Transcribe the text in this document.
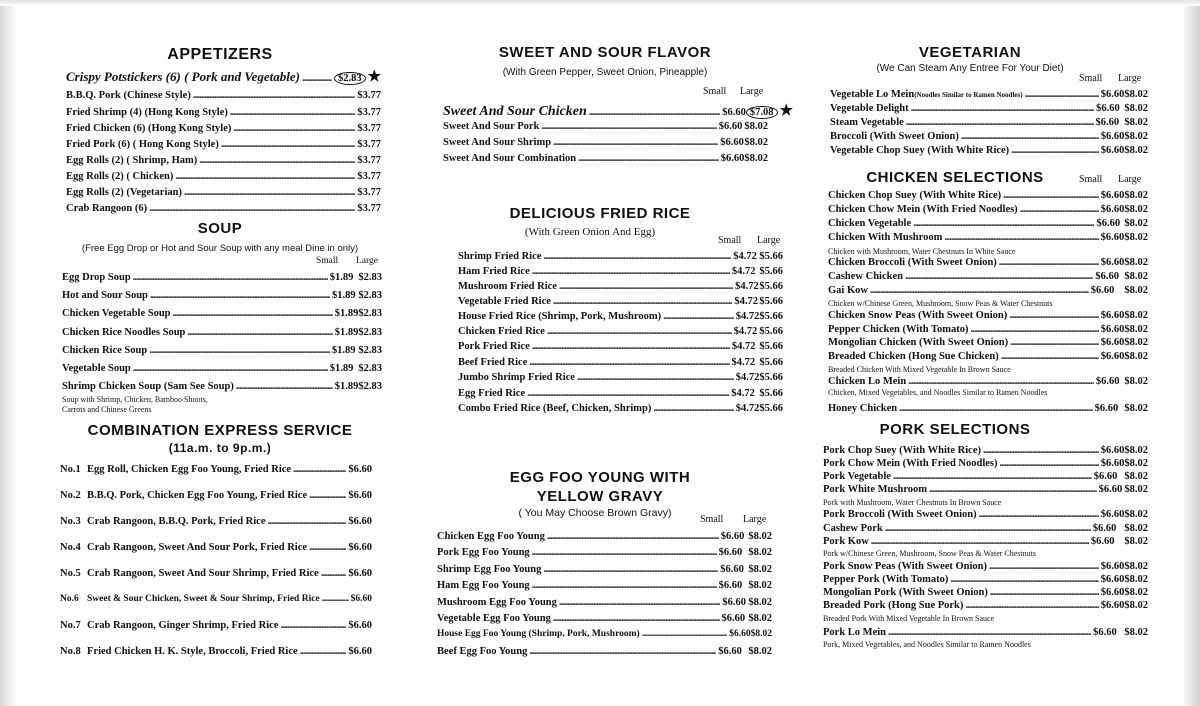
APPETIZERS
Crispy Potstickers (6) ( Pork and Vegetable) .....	$2.83 ★
B.B.Q. Pork (Chinese Style) .....	$3.77
Fried Shrimp (4) (Hong Kong Style) .....	$3.77
Fried Chicken (6) (Hong Kong Style) .....	$3.77
Fried Pork (6) ( Hong Kong Style) .....	$3.77
Egg Rolls (2) ( Shrimp, Ham) .....	$3.77
Egg Rolls (2) ( Chicken) .....	$3.77
Egg Rolls (2) (Vegetarian) .....	$3.77
Crab Rangoon (6) .....	$3.77
SOUP
(Free Egg Drop or Hot and Sour Soup with any meal Dine in only)
Small Large
Egg Drop Soup .....	$1.89 $2.83
Hot and Sour Soup .....	$1.89 $2.83
Chicken Vegetable Soup .....	$1.89 $2.83
Chicken Rice Noodles Soup .....	$1.89 $2.83
Chicken Rice Soup .....	$1.89 $2.83
Vegetable Soup .....	$1.89 $2.83
Shrimp Chicken Soup (Sam See Soup) .....	$1.89 $2.83
Soup with Shrimp, Chicken, Bamboo Shoots,
Carrots and Chinese Greens
COMBINATION EXPRESS SERVICE
(11a.m. to 9p.m.)
No.1 Egg Roll, Chicken Egg Foo Young, Fried Rice .....	$6.60
No.2 B.B.Q. Pork, Chicken Egg Foo Young, Fried Rice .....	$6.60
No.3 Crab Rangoon, B.B.Q. Pork, Fried Rice .....	$6.60
No.4 Crab Rangoon, Sweet And Sour Pork, Fried Rice .....	$6.60
No.5 Crab Rangoon, Sweet And Sour Shrimp, Fried Rice .....	$6.60
No.6 Sweet & Sour Chicken, Sweet & Sour Shrimp, Fried Rice .....	$6.60
No.7 Crab Rangoon, Ginger Shrimp, Fried Rice .....	$6.60
No.8 Fried Chicken H. K. Style, Broccoli, Fried Rice .....	$6.60
SWEET AND SOUR FLAVOR
(With Green Pepper, Sweet Onion, Pineapple)
Small Large
Sweet And Sour Chicken .....	$6.60 $7.08 ★
Sweet And Sour Pork .....	$6.60 $8.02
Sweet And Sour Shrimp .....	$6.60 $8.02
Sweet And Sour Combination .....	$6.60 $8.02
DELICIOUS FRIED RICE
(With Green Onion And Egg)
Small Large
Shrimp Fried Rice .....	$4.72 $5.66
Ham Fried Rice .....	$4.72 $5.66
Mushroom Fried Rice .....	$4.72 $5.66
Vegetable Fried Rice .....	$4.72 $5.66
House Fried Rice (Shrimp, Pork, Mushroom) .....	$4.72 $5.66
Chicken Fried Rice .....	$4.72 $5.66
Pork Fried Rice .....	$4.72 $5.66
Beef Fried Rice .....	$4.72 $5.66
Jumbo Shrimp Fried Rice .....	$4.72 $5.66
Egg Fried Rice .....	$4.72 $5.66
Combo Fried Rice (Beef, Chicken, Shrimp) .....	$4.72 $5.66
EGG FOO YOUNG WITH
YELLOW GRAVY
( You May Choose Brown Gravy)
Small Large
Chicken Egg Foo Young .....	$6.60 $8.02
Pork Egg Foo Young .....	$6.60 $8.02
Shrimp Egg Foo Young .....	$6.60 $8.02
Ham Egg Foo Young .....	$6.60 $8.02
Mushroom Egg Foo Young .....	$6.60 $8.02
Vegetable Egg Foo Young .....	$6.60 $8.02
House Egg Foo Young (Shrimp, Pork, Mushroom) .....	$6.60 $8.02
Beef Egg Foo Young .....	$6.60 $8.02
VEGETARIAN
(We Can Steam Any Entree For Your Diet)
Small Large
Vegetable Lo Mein (Noodles Similar to Ramen Noodles) .....	$6.60 $8.02
Vegetable Delight .....	$6.60 $8.02
Steam Vegetable .....	$6.60 $8.02
Broccoli (With Sweet Onion) .....	$6.60 $8.02
Vegetable Chop Suey (With White Rice) .....	$6.60 $8.02
CHICKEN SELECTIONS	Small Large
Chicken Chop Suey (With White Rice) .....	$6.60 $8.02
Chicken Chow Mein (With Fried Noodles) .....	$6.60 $8.02
Chicken Vegetable .....	$6.60 $8.02
Chicken With Mushroom .....	$6.60 $8.02
Chicken with Mushroom, Water Chestnuts In White Sauce
Chicken Broccoli (With Sweet Onion) .....	$6.60 $8.02
Cashew Chicken .....	$6.60 $8.02
Gai Kow .....	$6.60 $8.02
Chicken w/Chinese Green, Mushroom, Snow Peas & Water Chestnuts
Chicken Snow Peas (With Sweet Onion) .....	$6.60 $8.02
Pepper Chicken (With Tomato) .....	$6.60 $8.02
Mongolian Chicken (With Sweet Onion) .....	$6.60 $8.02
Breaded Chicken (Hong Sue Chicken) .....	$6.60 $8.02
Breaded Chicken With Mixed Vegetable In Brown Sauce
Chicken Lo Mein .....	$6.60 $8.02
Chicken, Mixed Vegetables, and Noodles Similar to Ramen Noodles
Honey Chicken .....	$6.60 $8.02
PORK SELECTIONS
Pork Chop Suey (With White Rice) .....	$6.60 $8.02
Pork Chow Mein (With Fried Noodles) .....	$6.60 $8.02
Pork Vegetable .....	$6.60 $8.02
Pork White Mushroom .....	$6.60 $8.02
Pork with Mushroom, Water Chestnuts In Brown Sauce
Pork Broccoli (With Sweet Onion) .....	$6.60 $8.02
Cashew Pork .....	$6.60 $8.02
Pork Kow .....	$6.60 $8.02
Pork w/Chinese Green, Mushroom, Snow Peas & Water Chestnuts
Pork Snow Peas (With Sweet Onion) .....	$6.60 $8.02
Pepper Pork (With Tomato) .....	$6.60 $8.02
Mongolian Pork (With Sweet Onion) .....	$6.60 $8.02
Breaded Pork (Hong Sue Pork) .....	$6.60 $8.02
Breaded Pork With Mixed Vegetable In Brown Sauce
Pork Lo Mein .....	$6.60 $8.02
Pork, Mixed Vegetables, and Noodles Similar to Ramen Noodles
